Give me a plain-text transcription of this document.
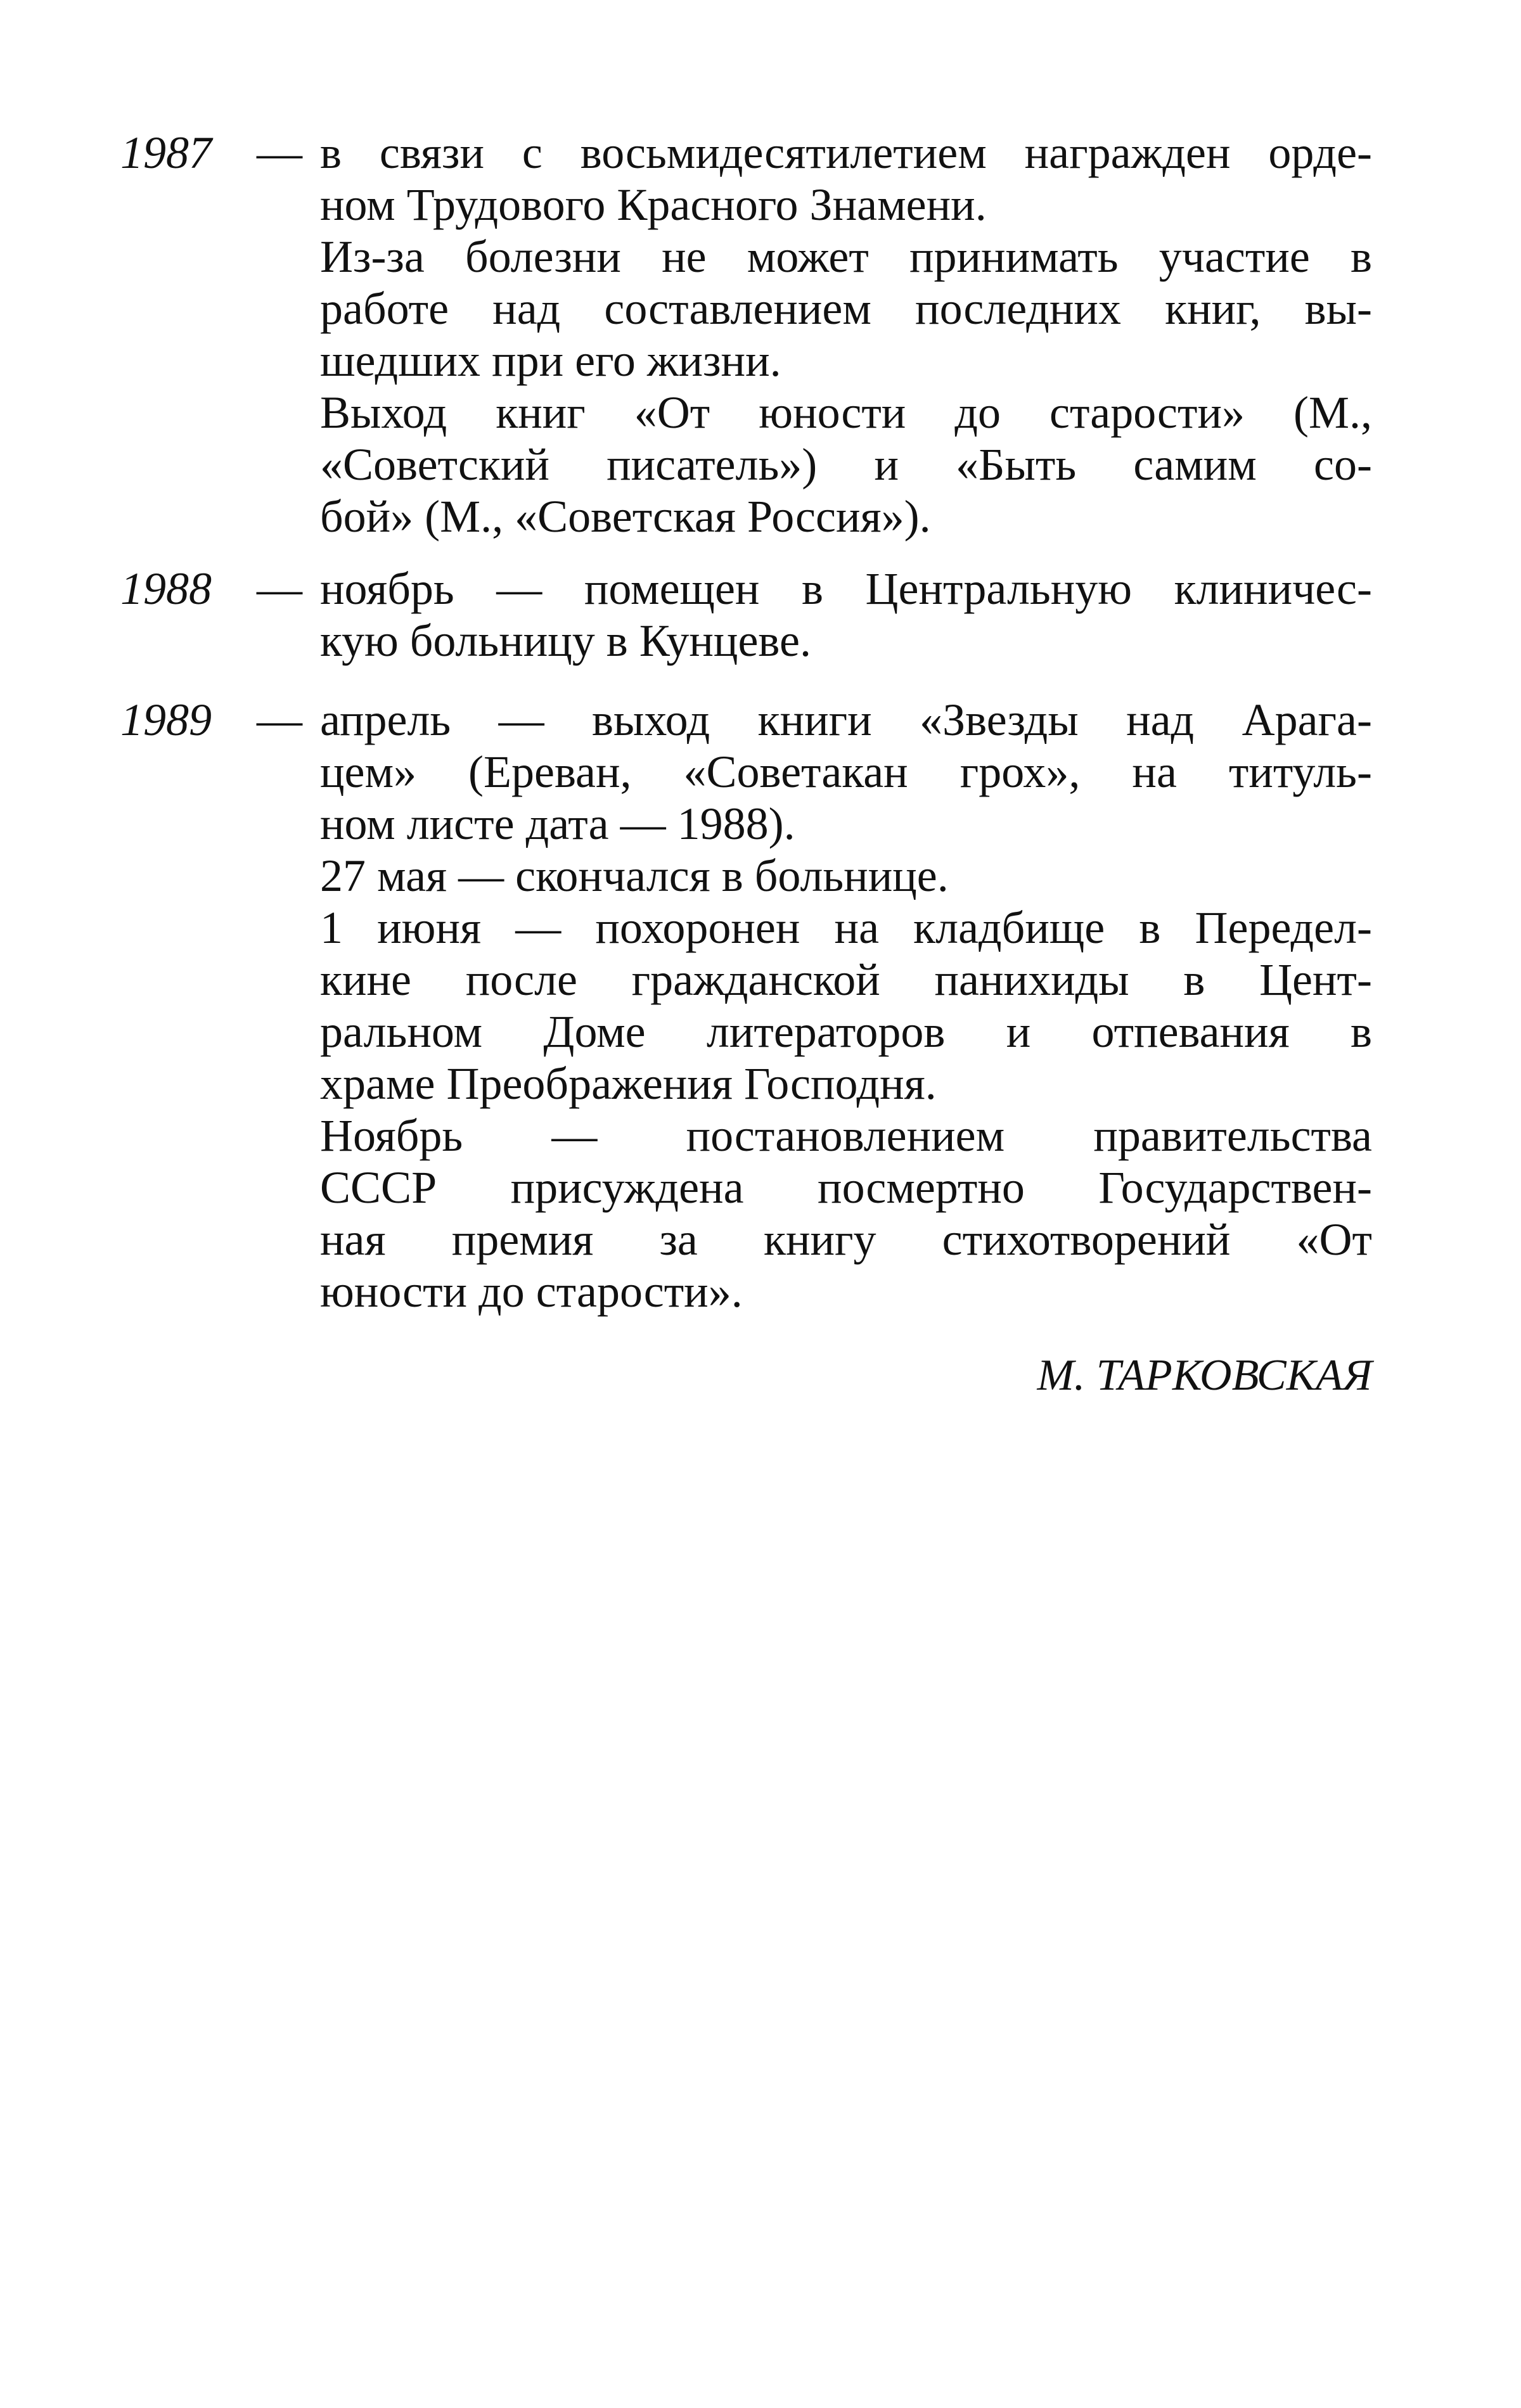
1987 — в связи с восьмидесятилетием награжден орде-
ном Трудового Красного Знамени.
Из-за болезни не может принимать участие в
работе над составлением последних книг, вы-
шедших при его жизни.
Выход книг «От юности до старости» (М.,
«Советский писатель») и «Быть самим со-
бой» (М., «Советская Россия»).
1988 — ноябрь — помещен в Центральную клиничес-
кую больницу в Кунцеве.
1989 — апрель — выход книги «Звезды над Арага-
цем» (Ереван, «Советакан грох», на титуль-
ном листе дата — 1988).
27 мая — скончался в больнице.
1 июня — похоронен на кладбище в Передел-
кине после гражданской панихиды в Цент-
ральном Доме литераторов и отпевания в
храме Преображения Господня.
Ноябрь — постановлением правительства
СССР присуждена посмертно Государствен-
ная премия за книгу стихотворений «От
юности до старости».
М. ТАРКОВСКАЯ
